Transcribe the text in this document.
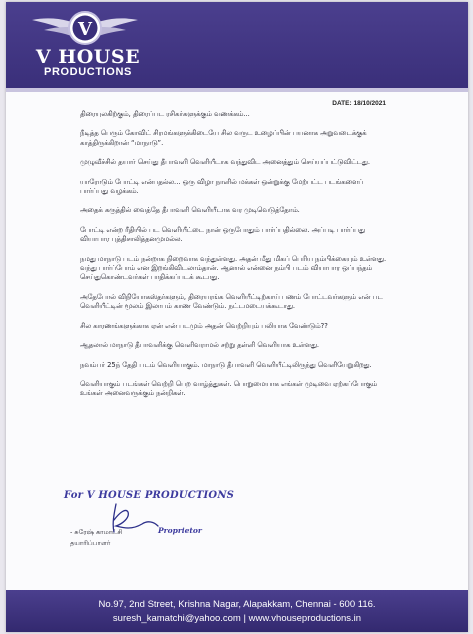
V

V HOUSE

PRODUCTIONS

DATE: 18/10/2021

திரையுலகிற்கும், திரைப்பட ரசிகர்களுக்கும் வணக்கம்...

நீடித்த பெரும் கோவிட் சிரமங்களுக்கிடையே சில வருட உழைப்பின் பயனாக அறுவடைக்குக் காத்திருக்கிறான் “மாநாடு”.

முழுவீச்சில் தயார் செய்து தீபாவளி வெளியீடாக வந்துவிட அனைத்தும் செய்யப்பட்டுவிட்டது.

யாரோடும் போட்டி என்பதல்ல... ஒரு விழா நாளில் மக்கள் ஒன்றுக்கு மேற்பட்ட படங்களைப் பார்ப்பது வழக்கம்.

அதைக் கருத்தில் வைத்தே தீபாவளி வெளியீடாக வர முடிவெடுத்தோம்.

போட்டி என்ற ரீதியில் பட வெளியீட்டை நான் ஒருபோதும் பார்ப்பதில்லை. அப்படி பார்ப்பது வியாபார புத்திசாலித்தனமுமல்ல.

நமது மாநாடு படம் நன்றாக நிறைவாக வந்துள்ளது. அதன் மீது மிகப் பெரிய நம்பிக்கையும் உள்ளது. வந்து பார்ப்போம் என இறங்கிவிடலாம்தான். ஆனால் என்னை நம்பி படம் வியாபார ஒப்பந்தம் செய்துகொண்டவர்கள் பாதிக்கப்படக் கூடாது.

அதேபோல் விநியோகஸ்தர்களும், திரையரங்க வெளியீட்டிற்காய் பணம் போட்டவர்களும் என் பட வெளியீட்டின் மூலம் இலாபம் காண வேண்டும். நட்டமடையக்கூடாது.

சில காரணங்களுக்காக ஏன் என் படமும் அதன் வெற்றியும் பலியாக வேண்டும்??

ஆதலால் மாநாடு தீபாவளிக்கு வெளிவராமல் சற்று தள்ளி வெளியாக உள்ளது.

நவம்பர் 25ந் தேதி படம் வெளியாகும். மாநாடு தீபாவளி வெளியீட்டிலிருந்து வெளியேறுகிறது.

வெளியாகும் படங்கள் வெற்றி பெற வாழ்த்துகள். பொறுமையாக எங்கள் முடிவை ஏற்கப்போகும் உங்கள் அனைவருக்கும் நன்றிகள்.

For V HOUSE PRODUCTIONS

- சுரேஷ் காமாட்சி	Proprietor

தயாரிப்பாளர்

No.97, 2nd Street, Krishna Nagar, Alapakkam, Chennai - 600 116.

suresh_kamatchi@yahoo.com | www.vhouseproductions.in
